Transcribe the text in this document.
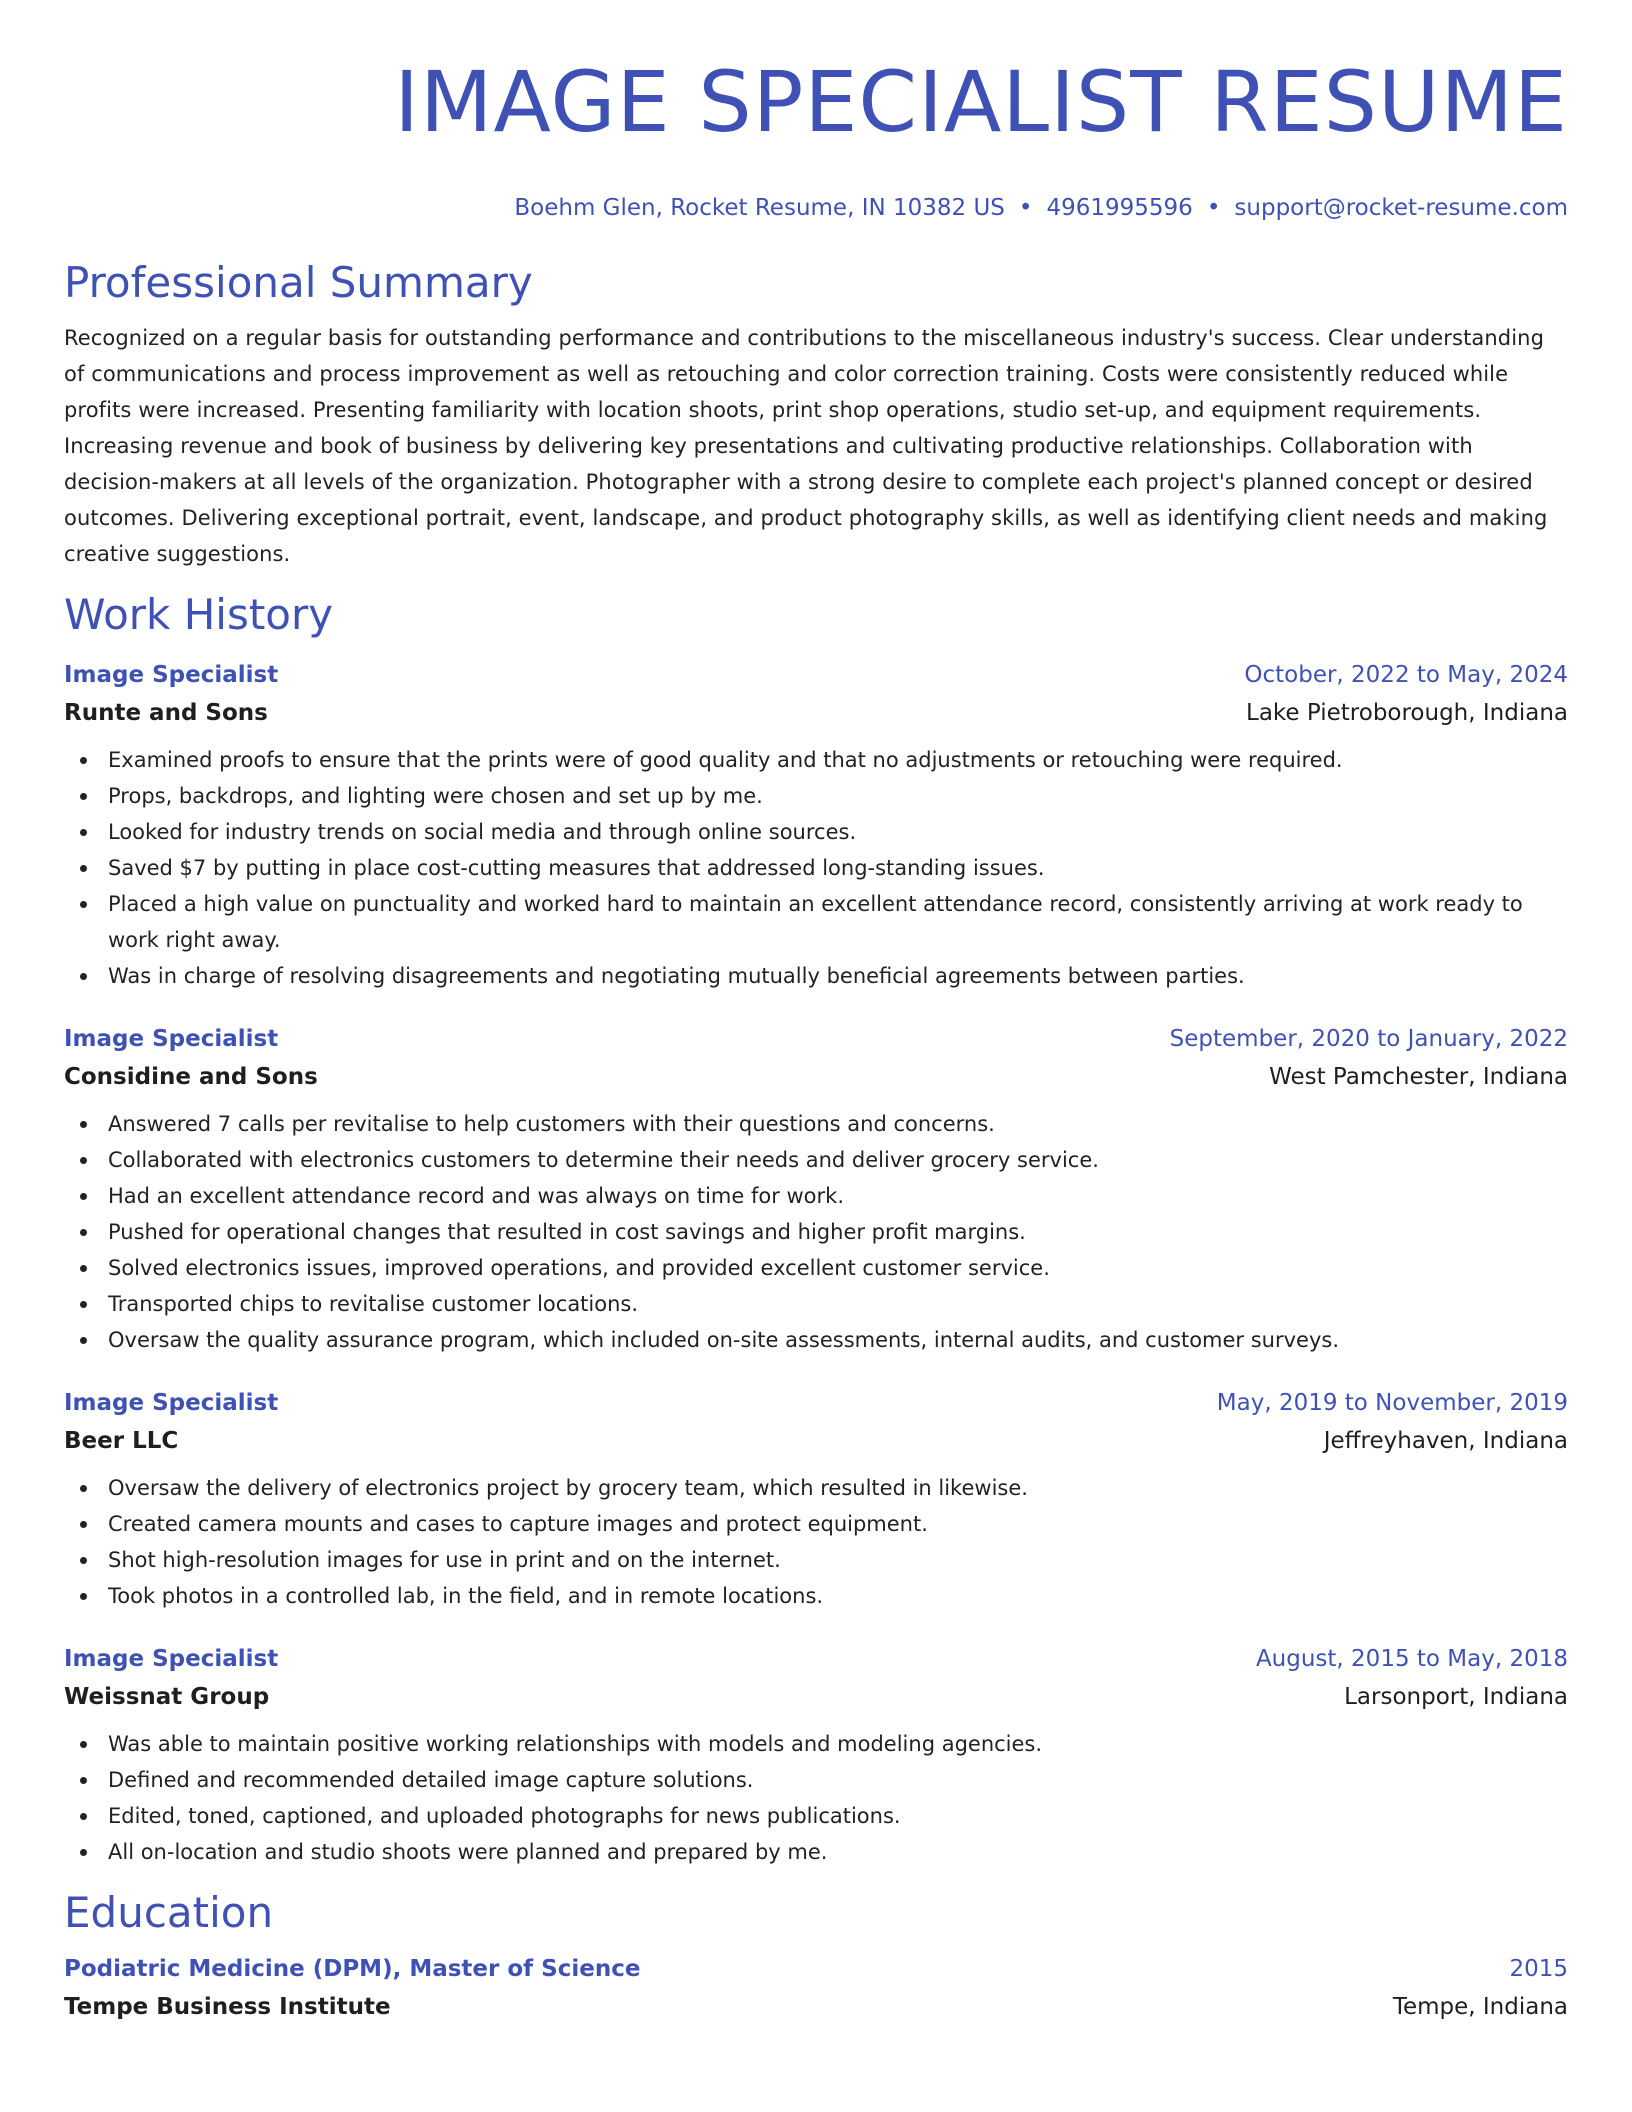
IMAGE SPECIALIST RESUME
Boehm Glen, Rocket Resume, IN 10382 US • 4961995596 • support@rocket-resume.com
Professional Summary

Recognized on a regular basis for outstanding performance and contributions to the miscellaneous industry's success. Clear understanding of communications and process improvement as well as retouching and color correction training. Costs were consistently reduced while profits were increased. Presenting familiarity with location shoots, print shop operations, studio set-up, and equipment requirements. Increasing revenue and book of business by delivering key presentations and cultivating productive relationships. Collaboration with decision-makers at all levels of the organization. Photographer with a strong desire to complete each project's planned concept or desired outcomes. Delivering exceptional portrait, event, landscape, and product photography skills, as well as identifying client needs and making creative suggestions.

Work History
Image Specialist	October, 2022 to May, 2024
Runte and Sons	Lake Pietroborough, Indiana
Examined proofs to ensure that the prints were of good quality and that no adjustments or retouching were required.
Props, backdrops, and lighting were chosen and set up by me.
Looked for industry trends on social media and through online sources.
Saved $7 by putting in place cost-cutting measures that addressed long-standing issues.
Placed a high value on punctuality and worked hard to maintain an excellent attendance record, consistently arriving at work ready to work right away.
Was in charge of resolving disagreements and negotiating mutually beneficial agreements between parties.
Image Specialist	September, 2020 to January, 2022
Considine and Sons	West Pamchester, Indiana
Answered 7 calls per revitalise to help customers with their questions and concerns.
Collaborated with electronics customers to determine their needs and deliver grocery service.
Had an excellent attendance record and was always on time for work.
Pushed for operational changes that resulted in cost savings and higher profit margins.
Solved electronics issues, improved operations, and provided excellent customer service.
Transported chips to revitalise customer locations.
Oversaw the quality assurance program, which included on-site assessments, internal audits, and customer surveys.
Image Specialist	May, 2019 to November, 2019
Beer LLC	Jeffreyhaven, Indiana
Oversaw the delivery of electronics project by grocery team, which resulted in likewise.
Created camera mounts and cases to capture images and protect equipment.
Shot high-resolution images for use in print and on the internet.
Took photos in a controlled lab, in the field, and in remote locations.
Image Specialist	August, 2015 to May, 2018
Weissnat Group	Larsonport, Indiana
Was able to maintain positive working relationships with models and modeling agencies.
Defined and recommended detailed image capture solutions.
Edited, toned, captioned, and uploaded photographs for news publications.
All on-location and studio shoots were planned and prepared by me.
Education
Podiatric Medicine (DPM), Master of Science	2015
Tempe Business Institute	Tempe, Indiana
